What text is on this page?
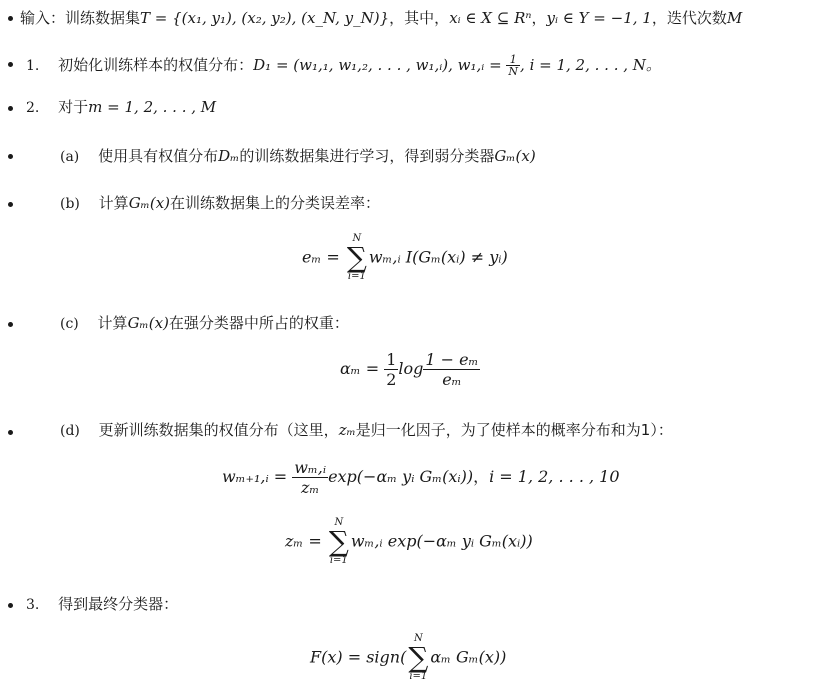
输入：训练数据集T = {(x₁, y₁), (x₂, y₂), (x_N, y_N)}，其中，xᵢ ∈ X ⊆ Rⁿ，yᵢ ∈ Y = −1, 1，迭代次数M
1. 初始化训练样本的权值分布：D₁ = (w₁,₁, w₁,₂, . . . , w₁,ᵢ), w₁,ᵢ = $\frac{1}{N}$ , i = 1, 2, . . . , N。
2. 对于m = 1, 2, . . . , M
(a) 使用具有权值分布Dₘ的训练数据集进行学习，得到弱分类器Gₘ(x)
(b) 计算Gₘ(x)在训练数据集上的分类误差率：
eₘ =
N
∑
i=1
wₘ,ᵢ I(Gₘ(xᵢ) ≠ yᵢ)
(c) 计算Gₘ(x)在强分类器中所占的权重：
$\alpha_m = \frac{1}{2}$ $\log \frac{\text{1 − eₘ}}{\text{eₘ}}$
(d) 更新训练数据集的权值分布（这里，zₘ是归一化因子，为了使样本的概率分布和为1）：
wₘ₊₁,ᵢ = $\frac{\text{wₘ,ᵢ}}{\text{zₘ}} \exp(-\alpha_m$ yᵢ Gₘ(xᵢ))，i = 1, 2, . . . , 10
zₘ =
N
∑
i=1
wₘ,ᵢ exp(−αₘ yᵢ Gₘ(xᵢ))
3. 得到最终分类器：
F(x) = sign(
N
∑
i=1
αₘ Gₘ(x))
